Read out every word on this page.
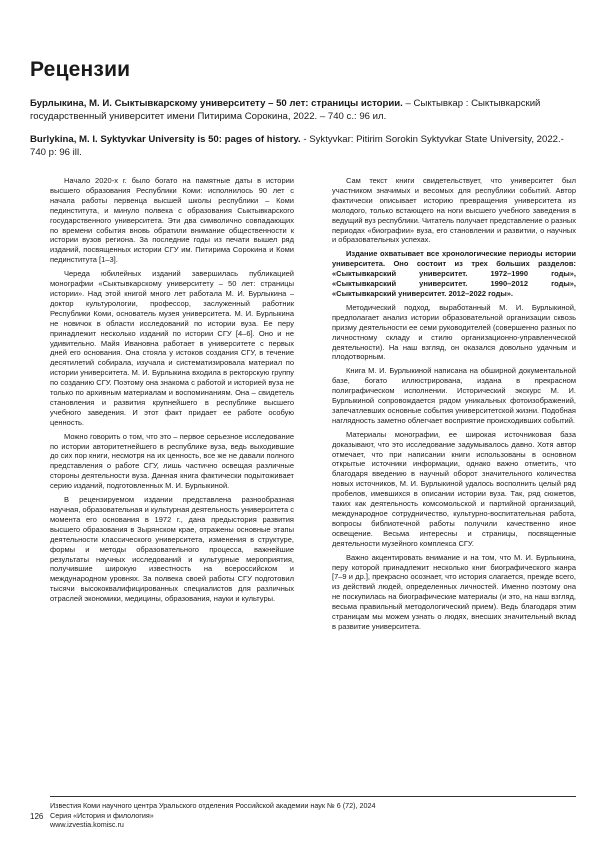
Рецензии
Бурлыкина, М. И. Сыктывкарскому университету – 50 лет: страницы истории. – Сыктывкар : Сыктывкарский государственный университет имени Питирима Сорокина, 2022. – 740 с.: 96 ил.
Burlykina, M. I. Syktyvkar University is 50: pages of history. - Syktyvkar: Pitirim Sorokin Syktyvkar State University, 2022.- 740 p: 96 ill.

Начало 2020-х г. было богато на памятные даты в истории высшего образования Республики Коми: исполнилось 90 лет с начала работы первенца высшей школы республики – Коми пединститута, и минуло полвека с образования Сыктывкарского государственного университета. Эти два символично совпадающих по времени события вновь обратили внимание общественности к истории вузов региона. За последние годы из печати вышел ряд изданий, посвященных истории СГУ им. Питирима Сорокина и Коми пединститута [1–3].

Череда юбилейных изданий завершилась публикацией монографии «Сыктывкарскому университету – 50 лет: страницы истории». Над этой книгой много лет работала М. И. Бурлыкина – доктор культурологии, профессор, заслуженный работник Республики Коми, основатель музея университета. М. И. Бурлыкина не новичок в области исследований по истории вуза. Ее перу принадлежит несколько изданий по истории СГУ [4–6]. Оно и не удивительно. Майя Ивановна работает в университете с первых дней его основания. Она стояла у истоков создания СГУ, в течение десятилетий собирала, изучала и систематизировала материал по истории университета. М. И. Бурлыкина входила в ректорскую группу по созданию СГУ. Поэтому она знакома с работой и историей вуза не только по архивным материалам и воспоминаниям. Она – свидетель становления и развития крупнейшего в республике высшего учебного заведения. И этот факт придает ее работе особую ценность.

Можно говорить о том, что это – первое серьезное исследование по истории авторитетнейшего в республике вуза, ведь выходившие до сих пор книги, несмотря на их ценность, все же не давали полного представления о работе СГУ, лишь частично освещая различные стороны деятельности вуза. Данная книга фактически подытоживает серию изданий, подготовленных М. И. Бурлыкиной.

В рецензируемом издании представлена разнообразная научная, образовательная и культурная деятельность университета с момента его основания в 1972 г., дана предыстория развития высшего образования в Зырянском крае, отражены основные этапы деятельности классического университета, изменения в структуре, формы и методы образовательного процесса, важнейшие результаты научных исследований и культурные мероприятия, получившие широкую известность на всероссийском и международном уровнях. За полвека своей работы СГУ подготовил тысячи высококвалифицированных специалистов для различных отраслей экономики, медицины, образования, науки и культуры.

Сам текст книги свидетельствует, что университет был участником значимых и весомых для республики событий. Автор фактически описывает историю превращения университета из молодого, только встающего на ноги высшего учебного заведения в ведущий вуз республики. Читатель получает представление о разных периодах «биографии» вуза, его становлении и развитии, о научных и образовательных успехах.

Издание охватывает все хронологические периоды истории университета. Оно состоит из трех больших разделов: «Сыктывкарский университет. 1972–1990 годы», «Сыктывкарский университет. 1990–2012 годы», «Сыктывкарский университет. 2012–2022 годы».

Методический подход, выработанный М. И. Бурлыкиной, предполагает анализ истории образовательной организации сквозь призму деятельности ее семи руководителей (совершенно разных по личностному складу и стилю организационно-управленческой деятельности). На наш взгляд, он оказался довольно удачным и плодотворным.

Книга М. И. Бурлыкиной написана на обширной документальной базе, богато иллюстрирована, издана в прекрасном полиграфическом исполнении. Исторический экскурс М. И. Бурлыкиной сопровождается рядом уникальных фотоизображений, запечатлевших основные события университетской жизни. Подобная наглядность заметно облегчает восприятие происходивших событий.

Материалы монографии, ее широкая источниковая база доказывают, что это исследование задумывалось давно. Хотя автор отмечает, что при написании книги использованы в основном открытые источники информации, однако важно отметить, что благодаря введению в научный оборот значительного количества новых источников, М. И. Бурлыкиной удалось восполнить целый ряд пробелов, имевшихся в описании истории вуза. Так, ряд сюжетов, таких как деятельность комсомольской и партийной организаций, международное сотрудничество, культурно-воспитательная работа, вопросы библиотечной работы получили качественно иное освещение. Весьма интересны и страницы, посвященные деятельности музейного комплекса СГУ.

Важно акцентировать внимание и на том, что М. И. Бурлыкина, перу которой принадлежит несколько книг биографического жанра [7–9 и др.], прекрасно осознает, что история слагается, прежде всего, из действий людей, определенных личностей. Именно поэтому она не поскупилась на биографические материалы (и это, на наш взгляд, весьма правильный методологический прием). Ведь благодаря этим страницам мы можем узнать о людях, внесших значительный вклад в развитие университета.

126
Известия Коми научного центра Уральского отделения Российской академии наук № 6 (72), 2024
Серия «История и филология»
www.izvestia.komisc.ru
